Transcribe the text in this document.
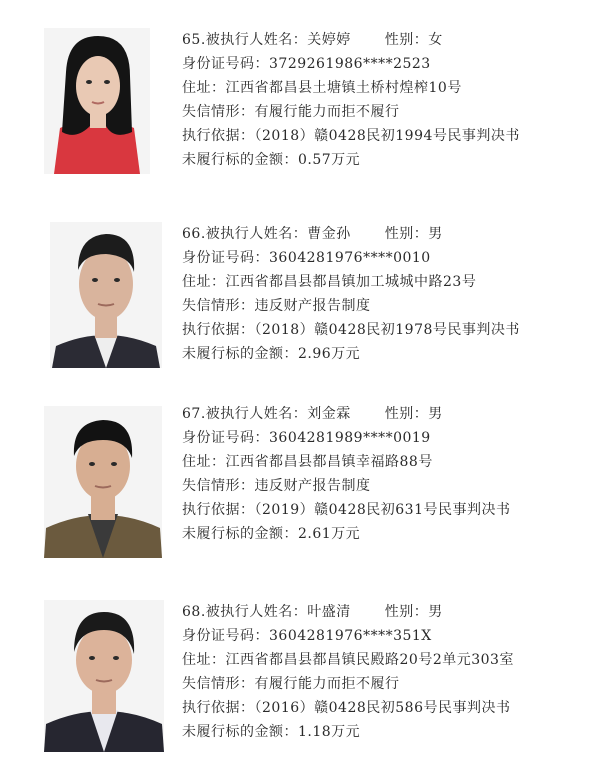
65.被执行人姓名：关婷婷 性别：女
身份证号码：3729261986****2523
住址：江西省都昌县土塘镇土桥村煌榨10号
失信情形：有履行能力而拒不履行
执行依据：（2018）赣0428民初1994号民事判决书
未履行标的金额：0.57万元
66.被执行人姓名：曹金孙 性别：男
身份证号码：3604281976****0010
住址：江西省都昌县都昌镇加工城城中路23号
失信情形：违反财产报告制度
执行依据：（2018）赣0428民初1978号民事判决书
未履行标的金额：2.96万元
67.被执行人姓名：刘金霖 性别：男
身份证号码：3604281989****0019
住址：江西省都昌县都昌镇幸福路88号
失信情形：违反财产报告制度
执行依据：（2019）赣0428民初631号民事判决书
未履行标的金额：2.61万元
68.被执行人姓名：叶盛清 性别：男
身份证号码：3604281976****351X
住址：江西省都昌县都昌镇民殿路20号2单元303室
失信情形：有履行能力而拒不履行
执行依据：（2016）赣0428民初586号民事判决书
未履行标的金额：1.18万元
